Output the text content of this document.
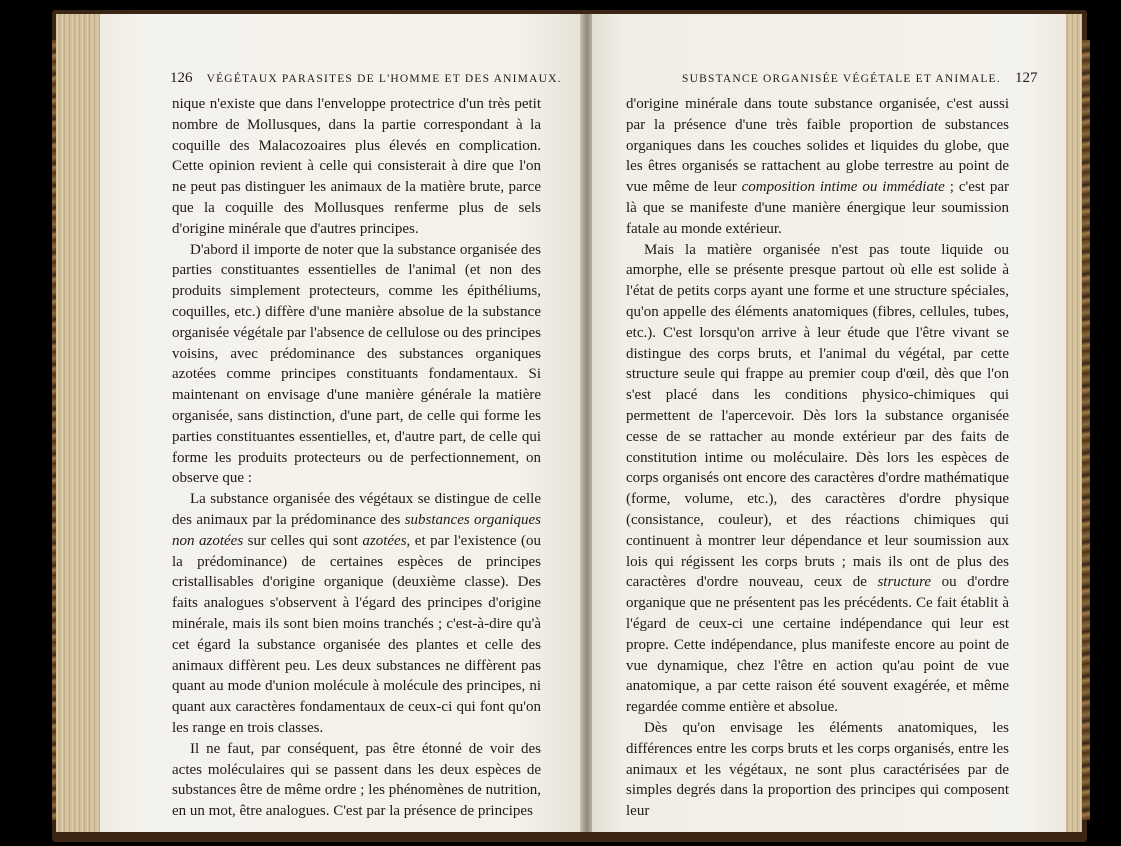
126 VÉGÉTAUX PARASITES DE L'HOMME ET DES ANIMAUX.

nique n'existe que dans l'enveloppe protectrice d'un très petit nombre de Mollusques, dans la partie correspondant à la coquille des Malacozoaires plus élevés en complication. Cette opinion revient à celle qui consisterait à dire que l'on ne peut pas distinguer les animaux de la matière brute, parce que la coquille des Mollusques renferme plus de sels d'origine minérale que d'autres principes.

D'abord il importe de noter que la substance organisée des parties constituantes essentielles de l'animal (et non des produits simplement protecteurs, comme les épithéliums, coquilles, etc.) diffère d'une manière absolue de la substance organisée végétale par l'absence de cellulose ou des principes voisins, avec prédominance des substances organiques azotées comme principes constituants fondamentaux. Si maintenant on envisage d'une manière générale la matière organisée, sans distinction, d'une part, de celle qui forme les parties constituantes essentielles, et, d'autre part, de celle qui forme les produits protecteurs ou de perfectionnement, on observe que :

La substance organisée des végétaux se distingue de celle des animaux par la prédominance des substances organiques non azotées sur celles qui sont azotées, et par l'existence (ou la prédominance) de certaines espèces de principes cristallisables d'origine organique (deuxième classe). Des faits analogues s'observent à l'égard des principes d'origine minérale, mais ils sont bien moins tranchés ; c'est-à-dire qu'à cet égard la substance organisée des plantes et celle des animaux diffèrent peu. Les deux substances ne diffèrent pas quant au mode d'union molécule à molécule des principes, ni quant aux caractères fondamentaux de ceux-ci qui font qu'on les range en trois classes.

Il ne faut, par conséquent, pas être étonné de voir des actes moléculaires qui se passent dans les deux espèces de substances être de même ordre ; les phénomènes de nutrition, en un mot, être analogues. C'est par la présence de principes

SUBSTANCE ORGANISÉE VÉGÉTALE ET ANIMALE. 127

d'origine minérale dans toute substance organisée, c'est aussi par la présence d'une très faible proportion de substances organiques dans les couches solides et liquides du globe, que les êtres organisés se rattachent au globe terrestre au point de vue même de leur composition intime ou immédiate ; c'est par là que se manifeste d'une manière énergique leur soumission fatale au monde extérieur.

Mais la matière organisée n'est pas toute liquide ou amorphe, elle se présente presque partout où elle est solide à l'état de petits corps ayant une forme et une structure spéciales, qu'on appelle des éléments anatomiques (fibres, cellules, tubes, etc.). C'est lorsqu'on arrive à leur étude que l'être vivant se distingue des corps bruts, et l'animal du végétal, par cette structure seule qui frappe au premier coup d'œil, dès que l'on s'est placé dans les conditions physico-chimiques qui permettent de l'apercevoir. Dès lors la substance organisée cesse de se rattacher au monde extérieur par des faits de constitution intime ou moléculaire. Dès lors les espèces de corps organisés ont encore des caractères d'ordre mathématique (forme, volume, etc.), des caractères d'ordre physique (consistance, couleur), et des réactions chimiques qui continuent à montrer leur dépendance et leur soumission aux lois qui régissent les corps bruts ; mais ils ont de plus des caractères d'ordre nouveau, ceux de structure ou d'ordre organique que ne présentent pas les précédents. Ce fait établit à l'égard de ceux-ci une certaine indépendance qui leur est propre. Cette indépendance, plus manifeste encore au point de vue dynamique, chez l'être en action qu'au point de vue anatomique, a par cette raison été souvent exagérée, et même regardée comme entière et absolue.

Dès qu'on envisage les éléments anatomiques, les différences entre les corps bruts et les corps organisés, entre les animaux et les végétaux, ne sont plus caractérisées par de simples degrés dans la proportion des principes qui composent leur
